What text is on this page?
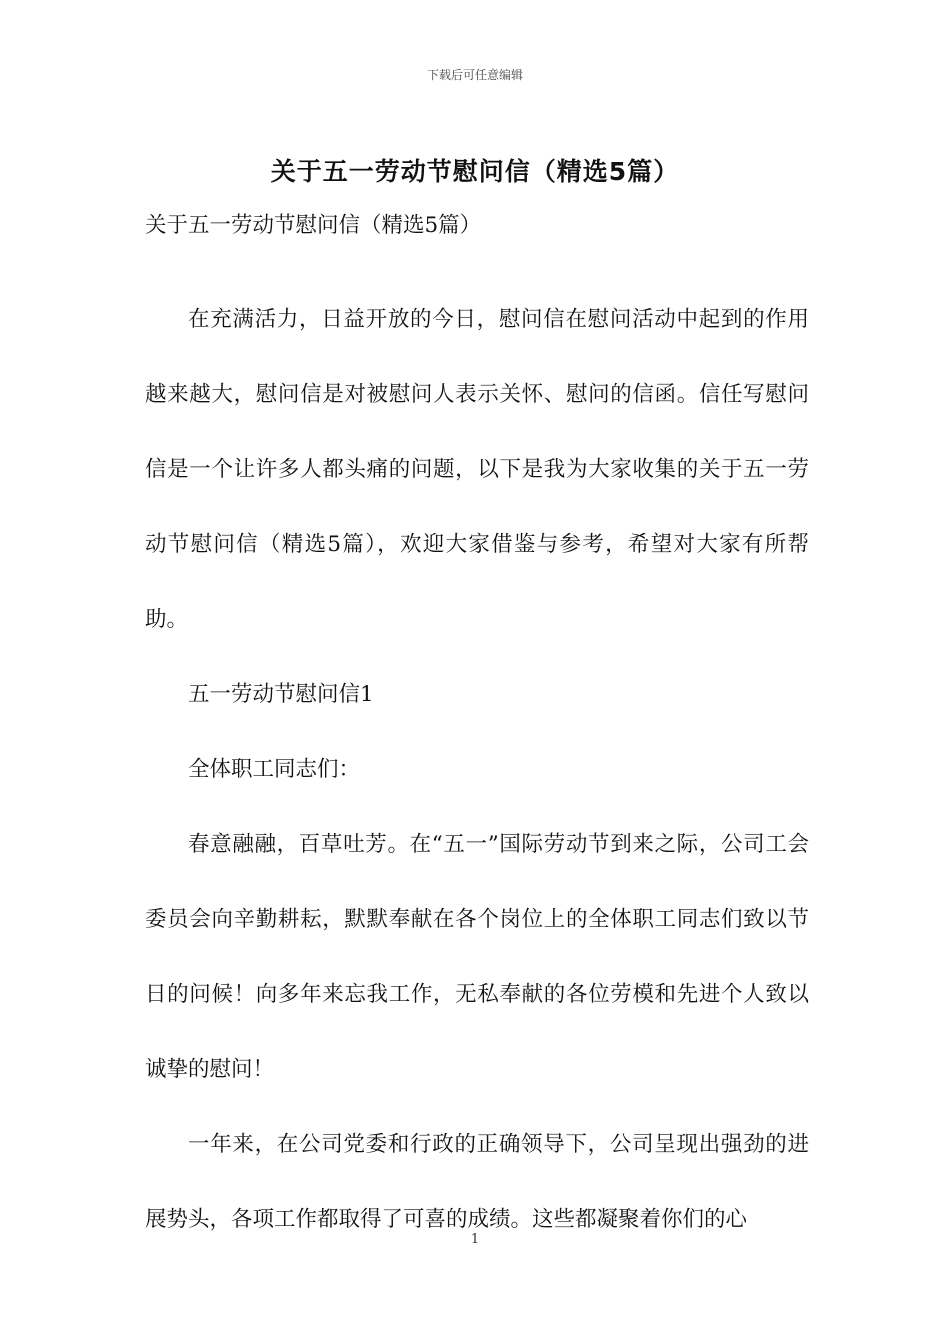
下载后可任意编辑
关于五一劳动节慰问信（精选5篇）

关于五一劳动节慰问信（精选5篇）

在充满活力，日益开放的今日，慰问信在慰问活动中起到的作用越来越大，慰问信是对被慰问人表示关怀、慰问的信函。信任写慰问信是一个让许多人都头痛的问题，以下是我为大家收集的关于五一劳动节慰问信（精选5篇），欢迎大家借鉴与参考，希望对大家有所帮助。

五一劳动节慰问信1

全体职工同志们：

春意融融，百草吐芳。在“五一”国际劳动节到来之际，公司工会委员会向辛勤耕耘，默默奉献在各个岗位上的全体职工同志们致以节日的问候！向多年来忘我工作，无私奉献的各位劳模和先进个人致以诚挚的慰问！

一年来，在公司党委和行政的正确领导下，公司呈现出强劲的进展势头，各项工作都取得了可喜的成绩。这些都凝聚着你们的心

1
